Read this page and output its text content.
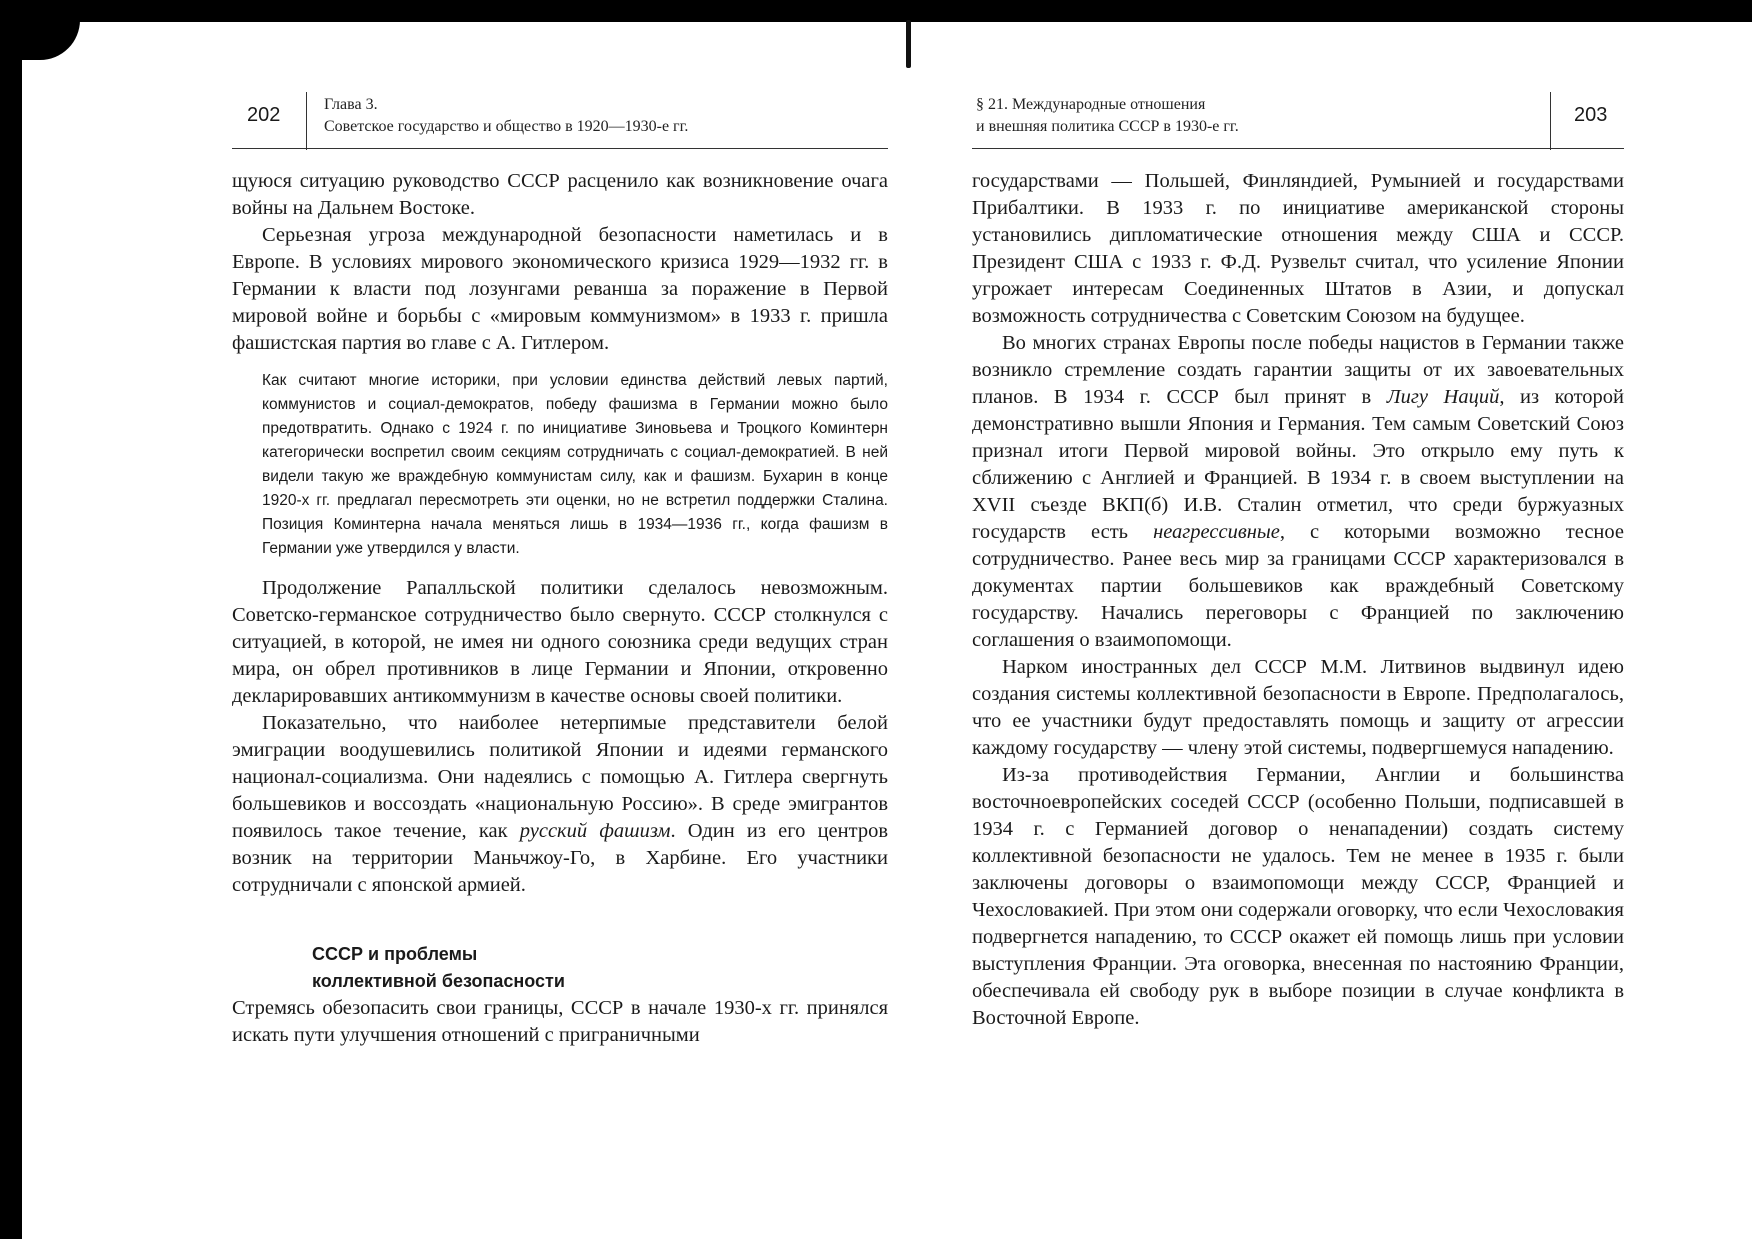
202	Глава 3.
Советское государство и общество в 1920—1930-е гг.

щуюся ситуацию руководство СССР расценило как возникновение очага войны на Дальнем Востоке.

Серьезная угроза международной безопасности наметилась и в Европе. В условиях мирового экономического кризиса 1929—1932 гг. в Германии к власти под лозунгами реванша за поражение в Первой мировой войне и борьбы с «мировым коммунизмом» в 1933 г. пришла фашистская партия во главе с А. Гитлером.

Как считают многие историки, при условии единства действий левых партий, коммунистов и социал-демократов, победу фашизма в Германии можно было предотвратить. Однако с 1924 г. по инициативе Зиновьева и Троцкого Коминтерн категорически воспретил своим секциям сотрудничать с социал-демократией. В ней видели такую же враждебную коммунистам силу, как и фашизм. Бухарин в конце 1920-х гг. предлагал пересмотреть эти оценки, но не встретил поддержки Сталина. Позиция Коминтерна начала меняться лишь в 1934—1936 гг., когда фашизм в Германии уже утвердился у власти.

Продолжение Рапалльской политики сделалось невозможным. Советско-германское сотрудничество было свернуто. СССР столкнулся с ситуацией, в которой, не имея ни одного союзника среди ведущих стран мира, он обрел противников в лице Германии и Японии, откровенно декларировавших антикоммунизм в качестве основы своей политики.

Показательно, что наиболее нетерпимые представители белой эмиграции воодушевились политикой Японии и идеями германского национал-социализма. Они надеялись с помощью А. Гитлера свергнуть большевиков и воссоздать «национальную Россию». В среде эмигрантов появилось такое течение, как русский фашизм. Один из его центров возник на территории Маньчжоу-Го, в Харбине. Его участники сотрудничали с японской армией.

СССР и проблемы
коллективной безопасности

Стремясь обезопасить свои границы, СССР в начале 1930-х гг. принялся искать пути улучшения отношений с приграничными

§ 21. Международные отношения
и внешняя политика СССР в 1930-е гг.
203

государствами — Польшей, Финляндией, Румынией и государствами Прибалтики. В 1933 г. по инициативе американской стороны установились дипломатические отношения между США и СССР. Президент США с 1933 г. Ф.Д. Рузвельт считал, что усиление Японии угрожает интересам Соединенных Штатов в Азии, и допускал возможность сотрудничества с Советским Союзом на будущее.

Во многих странах Европы после победы нацистов в Германии также возникло стремление создать гарантии защиты от их завоевательных планов. В 1934 г. СССР был принят в Лигу Наций, из которой демонстративно вышли Япония и Германия. Тем самым Советский Союз признал итоги Первой мировой войны. Это открыло ему путь к сближению с Англией и Францией. В 1934 г. в своем выступлении на XVII съезде ВКП(б) И.В. Сталин отметил, что среди буржуазных государств есть неагрессивные, с которыми возможно тесное сотрудничество. Ранее весь мир за границами СССР характеризовался в документах партии большевиков как враждебный Советскому государству. Начались переговоры с Францией по заключению соглашения о взаимопомощи.

Нарком иностранных дел СССР М.М. Литвинов выдвинул идею создания системы коллективной безопасности в Европе. Предполагалось, что ее участники будут предоставлять помощь и защиту от агрессии каждому государству — члену этой системы, подвергшемуся нападению.

Из-за противодействия Германии, Англии и большинства восточноевропейских соседей СССР (особенно Польши, подписавшей в 1934 г. с Германией договор о ненападении) создать систему коллективной безопасности не удалось. Тем не менее в 1935 г. были заключены договоры о взаимопомощи между СССР, Францией и Чехословакией. При этом они содержали оговорку, что если Чехословакия подвергнется нападению, то СССР окажет ей помощь лишь при условии выступления Франции. Эта оговорка, внесенная по настоянию Франции, обеспечивала ей свободу рук в выборе позиции в случае конфликта в Восточной Европе.
